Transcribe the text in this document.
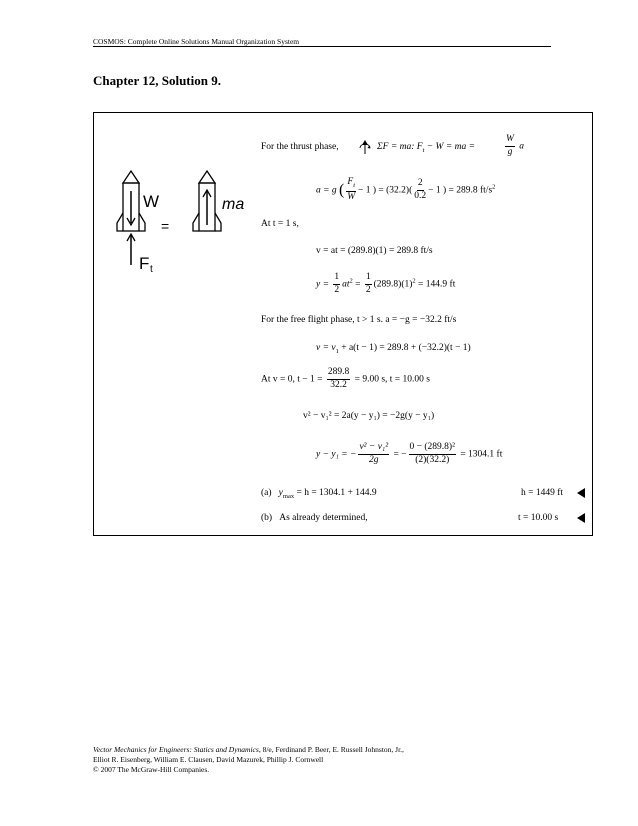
COSMOS: Complete Online Solutions Manual Organization System
Chapter 12, Solution 9.
W
=
F t
ma
For the thrust phase,	ΣF = ma: $F_t - W$ = ma =	$\frac{W}{g}$ a
a = g ( $\frac{F_t}{W} - 1$ ) = $(32.2)( \frac{2}{0.2} - 1$ ) = 289.8 $ft/s^2$
At t = 1 s,
v = at = (289.8)(1) = 289.8 ft/s
$y = \frac{1}{2} at^2 = \frac{1}{2} (289.8)(1)^2 = 144.9$ ft
For the free flight phase, t > 1 s. a = −g = −32.2 ft/s
$v = v_1 + a(t - 1) = 289.8 + (-32.2)(t - 1)$
At v = 0, $t - 1 = \frac{289.8}{32.2} = 9.00$ s, t = 10.00 s
v² − v₁² = 2a(y − y₁) = −2g(y − y₁)
y − y₁ = − $\frac{\text{v² − v₁²}}{2g}$ = − $\frac{\text{0 − (289.8)²}}{(2)(32.2)} = 1304.1$ ft
(a) $y_{max} = h = 1304.1 + 144.9$	h = 1449 ft
(b) As already determined,	t = 10.00 s
Vector Mechanics for Engineers: Statics and Dynamics, 8/e, Ferdinand P. Beer, E. Russell Johnston, Jr.,
Elliot R. Eisenberg, William E. Clausen, David Mazurek, Phillip J. Cornwell
© 2007 The McGraw-Hill Companies.
